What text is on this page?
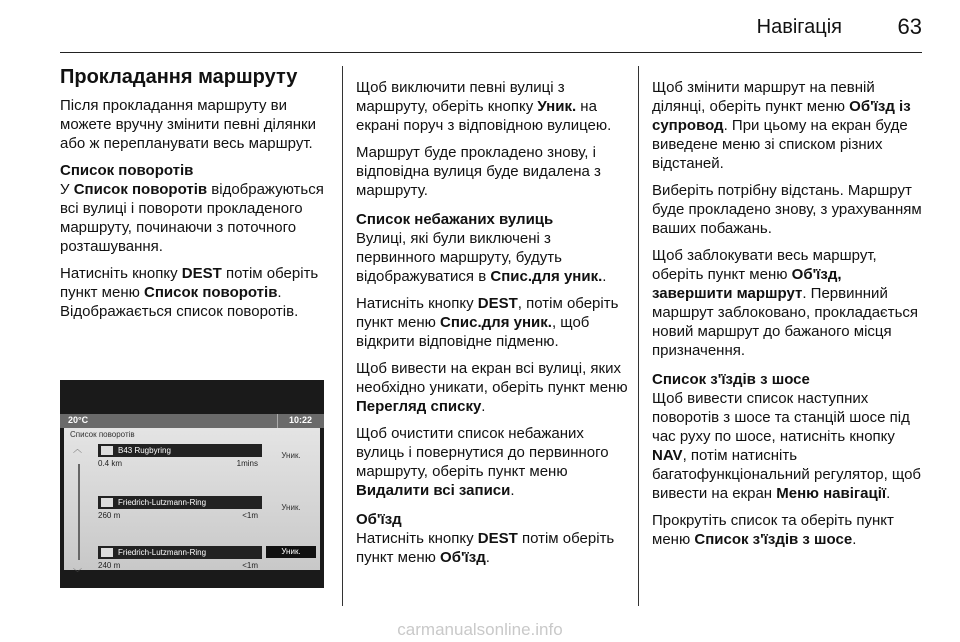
Навігація	63

Прокладання маршруту

Після прокладання маршруту ви можете вручну змінити певні ділянки або ж перепланувати весь маршрут.

Список поворотів

У Список поворотів відображуються всі вулиці і повороти прокладеного маршруту, починаючи з поточного розташування.

Натисніть кнопку DEST потім оберіть пункт меню Список поворотів. Відображається список поворотів.

20°C	10:22
Список поворотів
︿
﹀
B43 Rugbyring
0.4 km	1mins
Уник.
Friedrich-Lutzmann-Ring
260 m	<1m
Уник.
Friedrich-Lutzmann-Ring
240 m	<1m
Уник.

Щоб виключити певні вулиці з маршруту, оберіть кнопку Уник. на екрані поруч з відповідною вулицею.

Маршрут буде прокладено знову, і відповідна вулиця буде видалена з маршруту.

Список небажаних вулиць

Вулиці, які були виключені з первинного маршруту, будуть відображуватися в Спис.для уник..

Натисніть кнопку DEST, потім оберіть пункт меню Спис.для уник., щоб відкрити відповідне підменю.

Щоб вивести на екран всі вулиці, яких необхідно уникати, оберіть пункт меню Перегляд списку.

Щоб очистити список небажаних вулиць і повернутися до первинного маршруту, оберіть пункт меню Видалити всі записи.

Об'їзд

Натисніть кнопку DEST потім оберіть пункт меню Об'їзд.

Щоб змінити маршрут на певній ділянці, оберіть пункт меню Об'їзд із супровод. При цьому на екран буде виведене меню зі списком різних відстаней.

Виберіть потрібну відстань. Маршрут буде прокладено знову, з урахуванням ваших побажань.

Щоб заблокувати весь маршрут, оберіть пункт меню Об'їзд, завершити маршрут. Первинний маршрут заблоковано, прокладається новий маршрут до бажаного місця призначення.

Список з'їздів з шосе

Щоб вивести список наступних поворотів з шосе та станцій шосе під час руху по шосе, натисніть кнопку NAV, потім натисніть багатофункціональний регулятор, щоб вивести на екран Меню навігації.

Прокрутіть список та оберіть пункт меню Список з'їздів з шосе.

carmanualsonline.info
